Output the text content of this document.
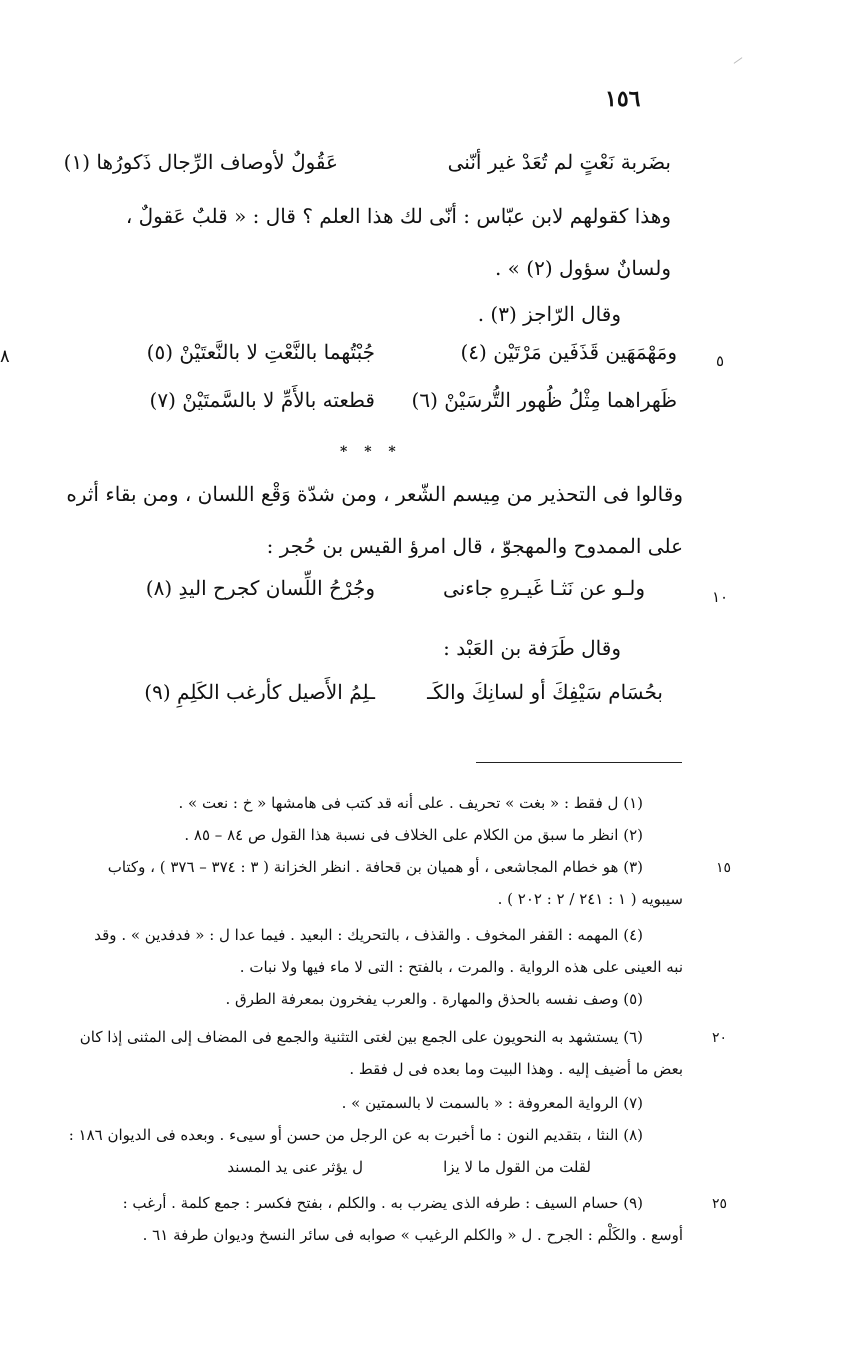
١٥٦
٨
بضَربة نَعْتٍ لم تُعَدْ غير أنّنى
عَقُولٌ لأوصاف الرِّجال ذَكورُها (١)
وهذا كقولهم لابن عبّاس : أنّى لك هذا العلم ؟ قال : « قلبٌ عَقولٌ ،
ولسانٌ سؤول (٢) » .
وقال الرّاجز (٣) .
٥
ومَهْمَهَين قَذَفَين مَرْتَيْن (٤)
جُبْتُهما بالنَّعْتِ لا بالنَّعتَيْنْ (٥)
ظَهراهما مِثْلُ ظُهور التُّرسَيْنْ (٦)
قطعته بالأَمِّ لا بالسَّمتَيْنْ (٧)
* * *
وقالوا فى التحذير من مِيسم الشّعر ، ومن شدّة وَقْع اللسان ، ومن بقاء أثره
على الممدوح والمهجوّ ، قال امرؤ القيس بن حُجر :
١٠
ولـو عن نَثـا غَيـرهِ جاءنى
وجُرْحُ اللِّسان كجرح اليدِ (٨)
وقال طَرَفة بن العَبْد :
بحُسَام سَيْفِكَ أو لسانِكَ والكَـ
ـلِمُ الأَصيل كأرغب الكَلِمِ (٩)
(١) ل فقط : « بغت » تحريف . على أنه قد كتب فى هامشها « خ : نعت » .
(٢) انظر ما سبق من الكلام على الخلاف فى نسبة هذا القول ص ٨٤ – ٨٥ .
١٥
(٣) هو خطام المجاشعى ، أو هميان بن قحافة . انظر الخزانة ( ٣ : ٣٧٤ – ٣٧٦ ) ، وكتاب
سيبويه ( ١ : ٢٤١ / ٢ : ٢٠٢ ) .
(٤) المهمه : القفر المخوف . والقذف ، بالتحريك : البعيد . فيما عدا ل : « فدفدين » . وقد
نبه العينى على هذه الرواية . والمرت ، بالفتح : التى لا ماء فيها ولا نبات .
(٥) وصف نفسه بالحذق والمهارة . والعرب يفخرون بمعرفة الطرق .
٢٠
(٦) يستشهد به النحويون على الجمع بين لغتى التثنية والجمع فى المضاف إلى المثنى إذا كان
بعض ما أضيف إليه . وهذا البيت وما بعده فى ل فقط .
(٧) الرواية المعروفة : « بالسمت لا بالسمتين » .
(٨) النثا ، بتقديم النون : ما أخبرت به عن الرجل من حسن أو سيىء . وبعده فى الديوان ١٨٦ :
لقلت من القول ما لا يزا
ل يؤثر عنى يد المسند
٢٥
(٩) حسام السيف : طرفه الذى يضرب به . والكلم ، بفتح فكسر : جمع كلمة . أرغب :
أوسع . والكَلْم : الجرح . ل « والكلم الرغيب » صوابه فى سائر النسخ وديوان طرفة ٦١ .
